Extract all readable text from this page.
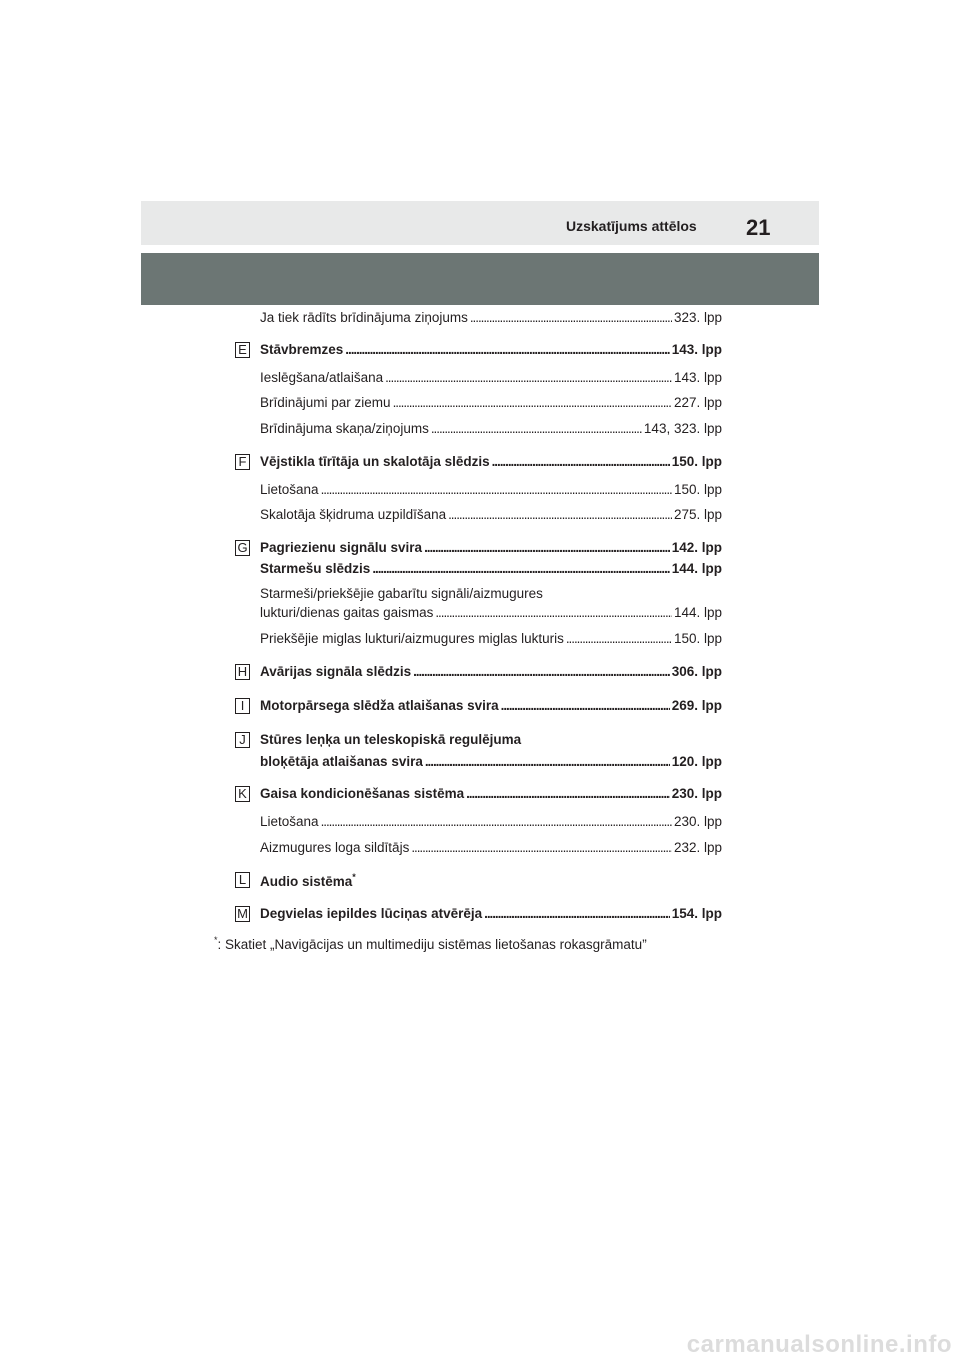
Uzskatījums attēlos 21
Ja tiek rādīts brīdinājuma ziņojums . . .	323. lpp
E Stāvbremzes . . .	143. lpp
Ieslēgšana/atlaišana . . .	143. lpp
Brīdinājumi par ziemu . . .	227. lpp
Brīdinājuma skaņa/ziņojums . . .	143, 323. lpp
F Vējstikla tīrītāja un skalotāja slēdzis . . .	150. lpp
Lietošana . . .	150. lpp
Skalotāja šķidruma uzpildīšana . . .	275. lpp
G Pagriezienu signālu svira . . .	142. lpp
Starmešu slēdzis . . .	144. lpp
Starmeši/priekšējie gabarītu signāli/aizmugures
lukturi/dienas gaitas gaismas . . .	144. lpp
Priekšējie miglas lukturi/aizmugures miglas lukturis . . .	150. lpp
H Avārijas signāla slēdzis . . .	306. lpp
I	Motorpārsega slēdža atlaišanas svira . . .	269. lpp
J	Stūres leņķa un teleskopiskā regulējuma
bloķētāja atlaišanas svira . . .	120. lpp
K Gaisa kondicionēšanas sistēma . . .	230. lpp
Lietošana . . .	230. lpp
Aizmugures loga sildītājs . . .	232. lpp
L Audio sistēma*
M Degvielas iepildes lūciņas atvērēja . . .	154. lpp
*: Skatiet „Navigācijas un multimediju sistēmas lietošanas rokasgrāmatu”
carmanualsonline.info
